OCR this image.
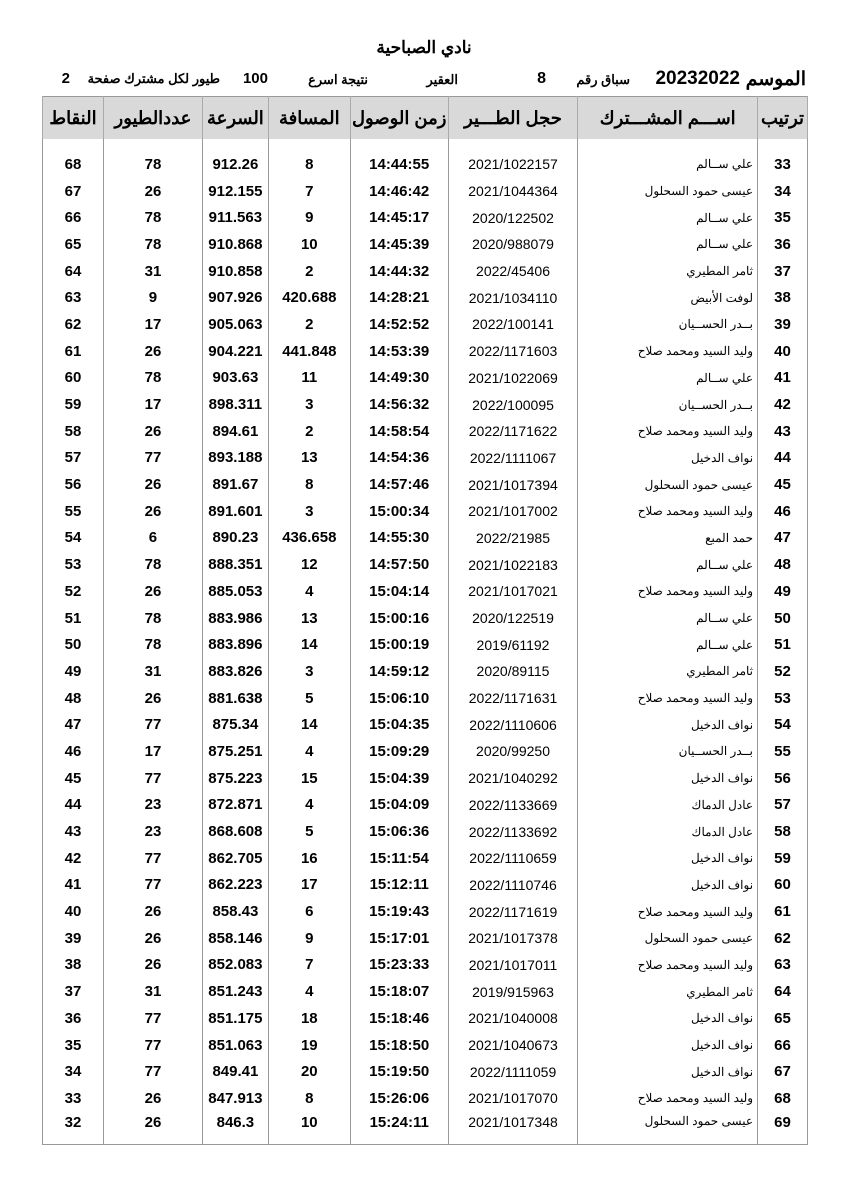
نادي الصباحية
الموسم
20232022
سباق رقم
8
العقير
نتيجة اسرع
100
طيور لكل مشترك صفحة
2
ترتيب	اســـم المشـــترك	حجل الطـــير	زمن الوصول	المسافة	السرعة	عددالطيور	النقاط

33	علي ســالم	2021/1022157	14:44:55	8	912.26	78	68
34	عيسى حمود السحلول	2021/1044364	14:46:42	7	912.155	26	67
35	علي ســالم	2020/122502	14:45:17	9	911.563	78	66
36	علي ســالم	2020/988079	14:45:39	10	910.868	78	65
37	ثامر المطيري	2022/45406	14:44:32	2	910.858	31	64
38	لوفت الأبيض	2021/1034110	14:28:21	420.688	907.926	9	63
39	بــدر الحســيان	2022/100141	14:52:52	2	905.063	17	62
40	وليد السيد ومحمد صلاح	2022/1171603	14:53:39	441.848	904.221	26	61
41	علي ســالم	2021/1022069	14:49:30	11	903.63	78	60
42	بــدر الحســيان	2022/100095	14:56:32	3	898.311	17	59
43	وليد السيد ومحمد صلاح	2022/1171622	14:58:54	2	894.61	26	58
44	نواف الدخيل	2022/1111067	14:54:36	13	893.188	77	57
45	عيسى حمود السحلول	2021/1017394	14:57:46	8	891.67	26	56
46	وليد السيد ومحمد صلاح	2021/1017002	15:00:34	3	891.601	26	55
47	حمد المبع	2022/21985	14:55:30	436.658	890.23	6	54
48	علي ســالم	2021/1022183	14:57:50	12	888.351	78	53
49	وليد السيد ومحمد صلاح	2021/1017021	15:04:14	4	885.053	26	52
50	علي ســالم	2020/122519	15:00:16	13	883.986	78	51
51	علي ســالم	2019/61192	15:00:19	14	883.896	78	50
52	ثامر المطيري	2020/89115	14:59:12	3	883.826	31	49
53	وليد السيد ومحمد صلاح	2022/1171631	15:06:10	5	881.638	26	48
54	نواف الدخيل	2022/1110606	15:04:35	14	875.34	77	47
55	بــدر الحســيان	2020/99250	15:09:29	4	875.251	17	46
56	نواف الدخيل	2021/1040292	15:04:39	15	875.223	77	45
57	عادل الدماك	2022/1133669	15:04:09	4	872.871	23	44
58	عادل الدماك	2022/1133692	15:06:36	5	868.608	23	43
59	نواف الدخيل	2022/1110659	15:11:54	16	862.705	77	42
60	نواف الدخيل	2022/1110746	15:12:11	17	862.223	77	41
61	وليد السيد ومحمد صلاح	2022/1171619	15:19:43	6	858.43	26	40
62	عيسى حمود السحلول	2021/1017378	15:17:01	9	858.146	26	39
63	وليد السيد ومحمد صلاح	2021/1017011	15:23:33	7	852.083	26	38
64	ثامر المطيري	2019/915963	15:18:07	4	851.243	31	37
65	نواف الدخيل	2021/1040008	15:18:46	18	851.175	77	36
66	نواف الدخيل	2021/1040673	15:18:50	19	851.063	77	35
67	نواف الدخيل	2022/1111059	15:19:50	20	849.41	77	34
68	وليد السيد ومحمد صلاح	2021/1017070	15:26:06	8	847.913	26	33
69	عيسى حمود السحلول	2021/1017348	15:24:11	10	846.3	26	32
